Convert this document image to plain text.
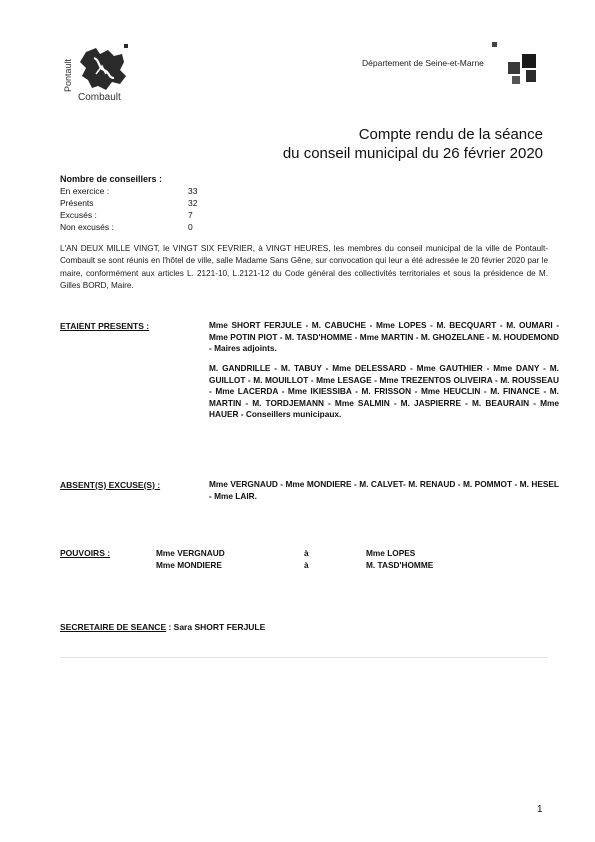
Pontault
Combault
Département de Seine-et-Marne
Compte rendu de la séance
du conseil municipal du 26 février 2020
Nombre de conseillers :
En exercice :	33
Présents	32
Excusés :	7
Non excusés :	0
L'AN DEUX MILLE VINGT, le VINGT SIX FEVRIER, à VINGT HEURES, les membres du conseil municipal de la ville de Pontault-Combault se sont réunis en l'hôtel de ville, salle Madame Sans Gêne, sur convocation qui leur a été adressée le 20 février 2020 par le maire, conformément aux articles L. 2121-10, L.2121-12 du Code général des collectivités territoriales et sous la présidence de M. Gilles BORD, Maire.
ETAIENT PRESENTS :	Mme SHORT FERJULE - M. CABUCHE - Mme LOPES - M. BECQUART - M. OUMARI - Mme POTIN PIOT - M. TASD'HOMME - Mme MARTIN - M. GHOZELANE - M. HOUDEMOND - Maires adjoints.
M. GANDRILLE - M. TABUY - Mme DELESSARD - Mme GAUTHIER - Mme DANY - M. GUILLOT - M. MOUILLOT - Mme LESAGE - Mme TREZENTOS OLIVEIRA - M. ROUSSEAU - Mme LACERDA - Mme IKIESSIBA - M. FRISSON - Mme HEUCLIN - M. FINANCE - M. MARTIN - M. TORDJEMANN - Mme SALMIN - M. JASPIERRE - M. BEAURAIN - Mme HAUER - Conseillers municipaux.
ABSENT(S) EXCUSE(S) :	Mme VERGNAUD - Mme MONDIERE - M. CALVET- M. RENAUD - M. POMMOT - M. HESEL - Mme LAIR.
POUVOIRS :	Mme VERGNAUD	à	Mme LOPES
Mme MONDIERE	à	M. TASD'HOMME
SECRETAIRE DE SEANCE : Sara SHORT FERJULE
1
